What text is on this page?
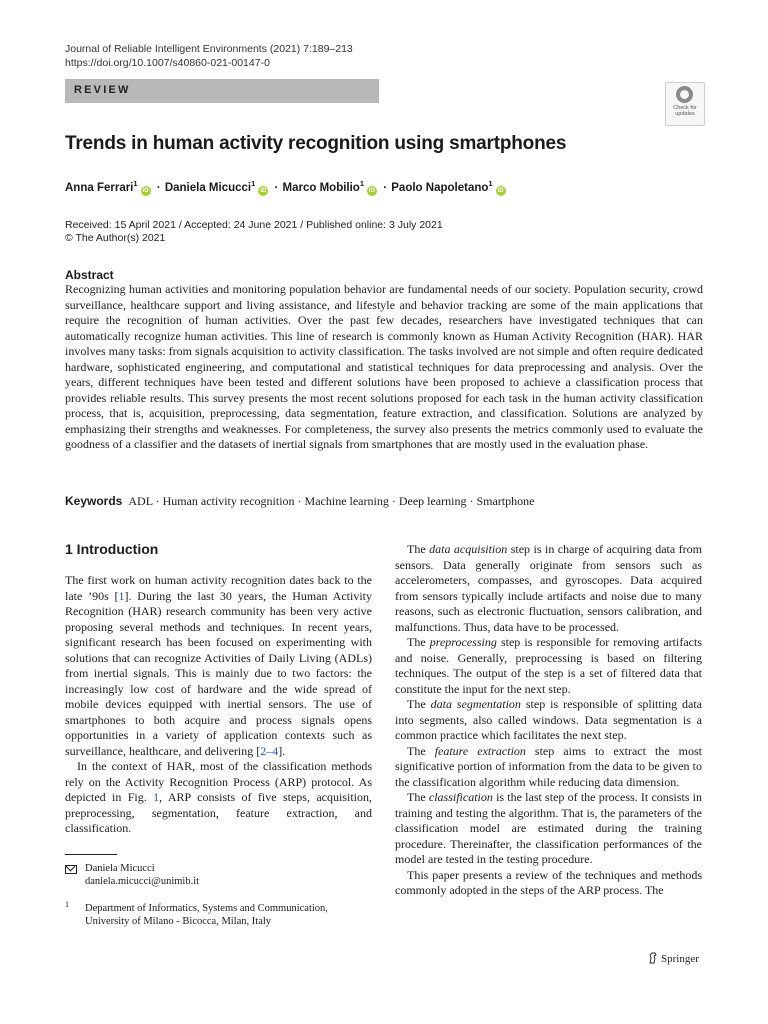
Journal of Reliable Intelligent Environments (2021) 7:189–213
https://doi.org/10.1007/s40860-021-00147-0
REVIEW
Check for updates
Trends in human activity recognition using smartphones
Anna Ferrari$^1$iD · Daniela Micucci$^1$iD · Marco Mobilio$^1$iD · Paolo Napoletano$^1$iD
Received: 15 April 2021 / Accepted: 24 June 2021 / Published online: 3 July 2021
© The Author(s) 2021
Abstract
Recognizing human activities and monitoring population behavior are fundamental needs of our society. Population security, crowd surveillance, healthcare support and living assistance, and lifestyle and behavior tracking are some of the main applications that require the recognition of human activities. Over the past few decades, researchers have investigated techniques that can automatically recognize human activities. This line of research is commonly known as Human Activity Recognition (HAR). HAR involves many tasks: from signals acquisition to activity classification. The tasks involved are not simple and often require dedicated hardware, sophisticated engineering, and computational and statistical techniques for data preprocessing and analysis. Over the years, different techniques have been tested and different solutions have been proposed to achieve a classification process that provides reliable results. This survey presents the most recent solutions proposed for each task in the human activity classification process, that is, acquisition, preprocessing, data segmentation, feature extraction, and classification. Solutions are analyzed by emphasizing their strengths and weaknesses. For completeness, the survey also presents the metrics commonly used to evaluate the goodness of a classifier and the datasets of inertial signals from smartphones that are mostly used in the evaluation phase.
Keywords ADL · Human activity recognition · Machine learning · Deep learning · Smartphone
1 Introduction

The first work on human activity recognition dates back to the late ’90s [1]. During the last 30 years, the Human Activity Recognition (HAR) research community has been very active proposing several methods and techniques. In recent years, significant research has been focused on experimenting with solutions that can recognize Activities of Daily Living (ADLs) from inertial signals. This is mainly due to two factors: the increasingly low cost of hardware and the wide spread of mobile devices equipped with inertial sensors. The use of smartphones to both acquire and process signals opens opportunities in a variety of application contexts such as surveillance, healthcare, and delivering [2–4].

In the context of HAR, most of the classification methods rely on the Activity Recognition Process (ARP) protocol. As depicted in Fig. 1, ARP consists of five steps, acquisition, preprocessing, segmentation, feature extraction, and classification.

The data acquisition step is in charge of acquiring data from sensors. Data generally originate from sensors such as accelerometers, compasses, and gyroscopes. Data acquired from sensors typically include artifacts and noise due to many reasons, such as electronic fluctuation, sensors calibration, and malfunctions. Thus, data have to be processed.

The preprocessing step is responsible for removing artifacts and noise. Generally, preprocessing is based on filtering techniques. The output of the step is a set of filtered data that constitute the input for the next step.

The data segmentation step is responsible of splitting data into segments, also called windows. Data segmentation is a common practice which facilitates the next step.

The feature extraction step aims to extract the most significative portion of information from the data to be given to the classification algorithm while reducing data dimension.

The classification is the last step of the process. It consists in training and testing the algorithm. That is, the parameters of the classification model are estimated during the training procedure. Thereinafter, the classification performances of the model are tested in the testing procedure.

This paper presents a review of the techniques and methods commonly adopted in the steps of the ARP process. The

Daniela Micucci
daniela.micucci@unimib.it
1 Department of Informatics, Systems and Communication,
University of Milano - Bicocca, Milan, Italy
Springer
